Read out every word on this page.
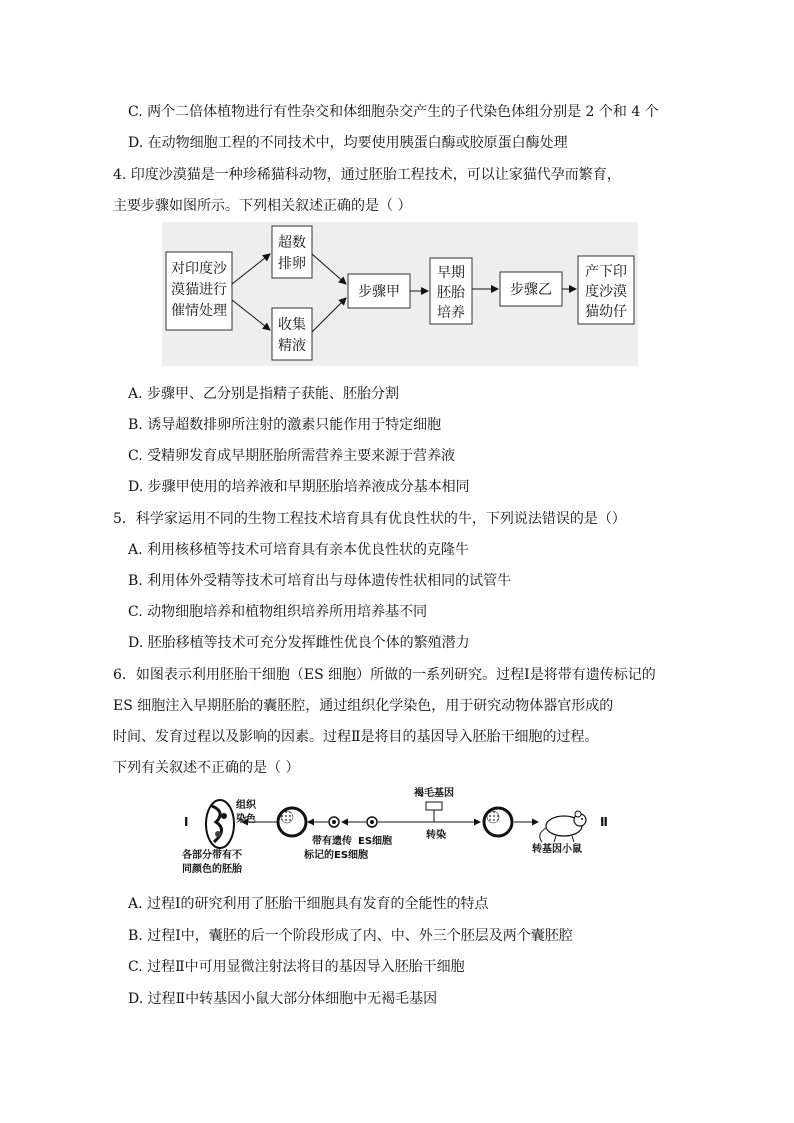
C. 两个二倍体植物进行有性杂交和体细胞杂交产生的子代染色体组分别是 2 个和 4 个
D. 在动物细胞工程的不同技术中，均要使用胰蛋白酶或胶原蛋白酶处理
4. 印度沙漠猫是一种珍稀猫科动物，通过胚胎工程技术，可以让家猫代孕而繁育，
主要步骤如图所示。下列相关叙述正确的是（ ）
对印度沙
漠猫进行
催情处理
超数
排卵
收集
精液
步骤甲
早期
胚胎
培养
步骤乙
产下印
度沙漠
猫幼仔
A. 步骤甲、乙分别是指精子获能、胚胎分割
B. 诱导超数排卵所注射的激素只能作用于特定细胞
C. 受精卵发育成早期胚胎所需营养主要来源于营养液
D. 步骤甲使用的培养液和早期胚胎培养液成分基本相同
5．科学家运用不同的生物工程技术培育具有优良性状的牛，下列说法错误的是（）
A. 利用核移植等技术可培育具有亲本优良性状的克隆牛
B. 利用体外受精等技术可培育出与母体遗传性状相同的试管牛
C. 动物细胞培养和植物组织培养所用培养基不同
D. 胚胎移植等技术可充分发挥雌性优良个体的繁殖潜力
6．如图表示利用胚胎干细胞（ES 细胞）所做的一系列研究。过程Ⅰ是将带有遗传标记的
ES 细胞注入早期胚胎的囊胚腔，通过组织化学染色，用于研究动物体器官形成的
时间、发育过程以及影响的因素。过程Ⅱ是将目的基因导入胚胎干细胞的过程。
下列有关叙述不正确的是（ ）
Ⅰ
组织
染色
各部分带有不
同颜色的胚胎
带有遗传
标记的ES细胞
ES细胞
褐毛基因
转染
转基因小鼠
Ⅱ
A. 过程Ⅰ的研究利用了胚胎干细胞具有发育的全能性的特点
B. 过程Ⅰ中，囊胚的后一个阶段形成了内、中、外三个胚层及两个囊胚腔
C. 过程Ⅱ中可用显微注射法将目的基因导入胚胎干细胞
D. 过程Ⅱ中转基因小鼠大部分体细胞中无褐毛基因
